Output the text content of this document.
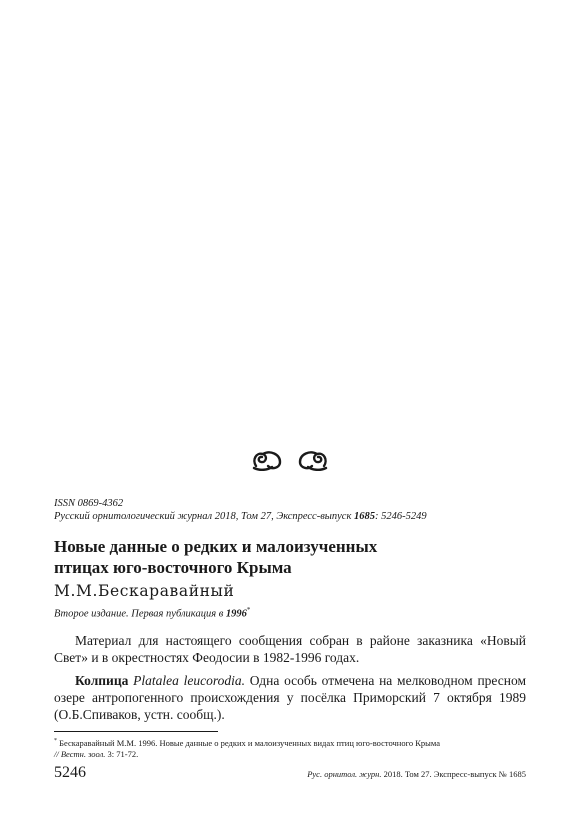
ISSN 0869-4362
Русский орнитологический журнал 2018, Том 27, Экспресс-выпуск 1685: 5246-5249
Новые данные о редких и малоизученных
птицах юго-восточного Крыма
М.М.Бескаравайный
Второе издание. Первая публикация в 1996*
Материал для настоящего сообщения собран в районе заказника «Новый Свет» и в окрестностях Феодосии в 1982-1996 годах.
Колпица Platalea leucorodia. Одна особь отмечена на мелководном пресном озере антропогенного происхождения у посёлка Приморский 7 октября 1989 (О.Б.Спиваков, устн. сообщ.).
* Бескаравайный М.М. 1996. Новые данные о редких и малоизученных видах птиц юго-восточного Крыма
// Вестн. зоол. 3: 71-72.
5246	Рус. орнитол. журн. 2018. Том 27. Экспресс-выпуск № 1685
